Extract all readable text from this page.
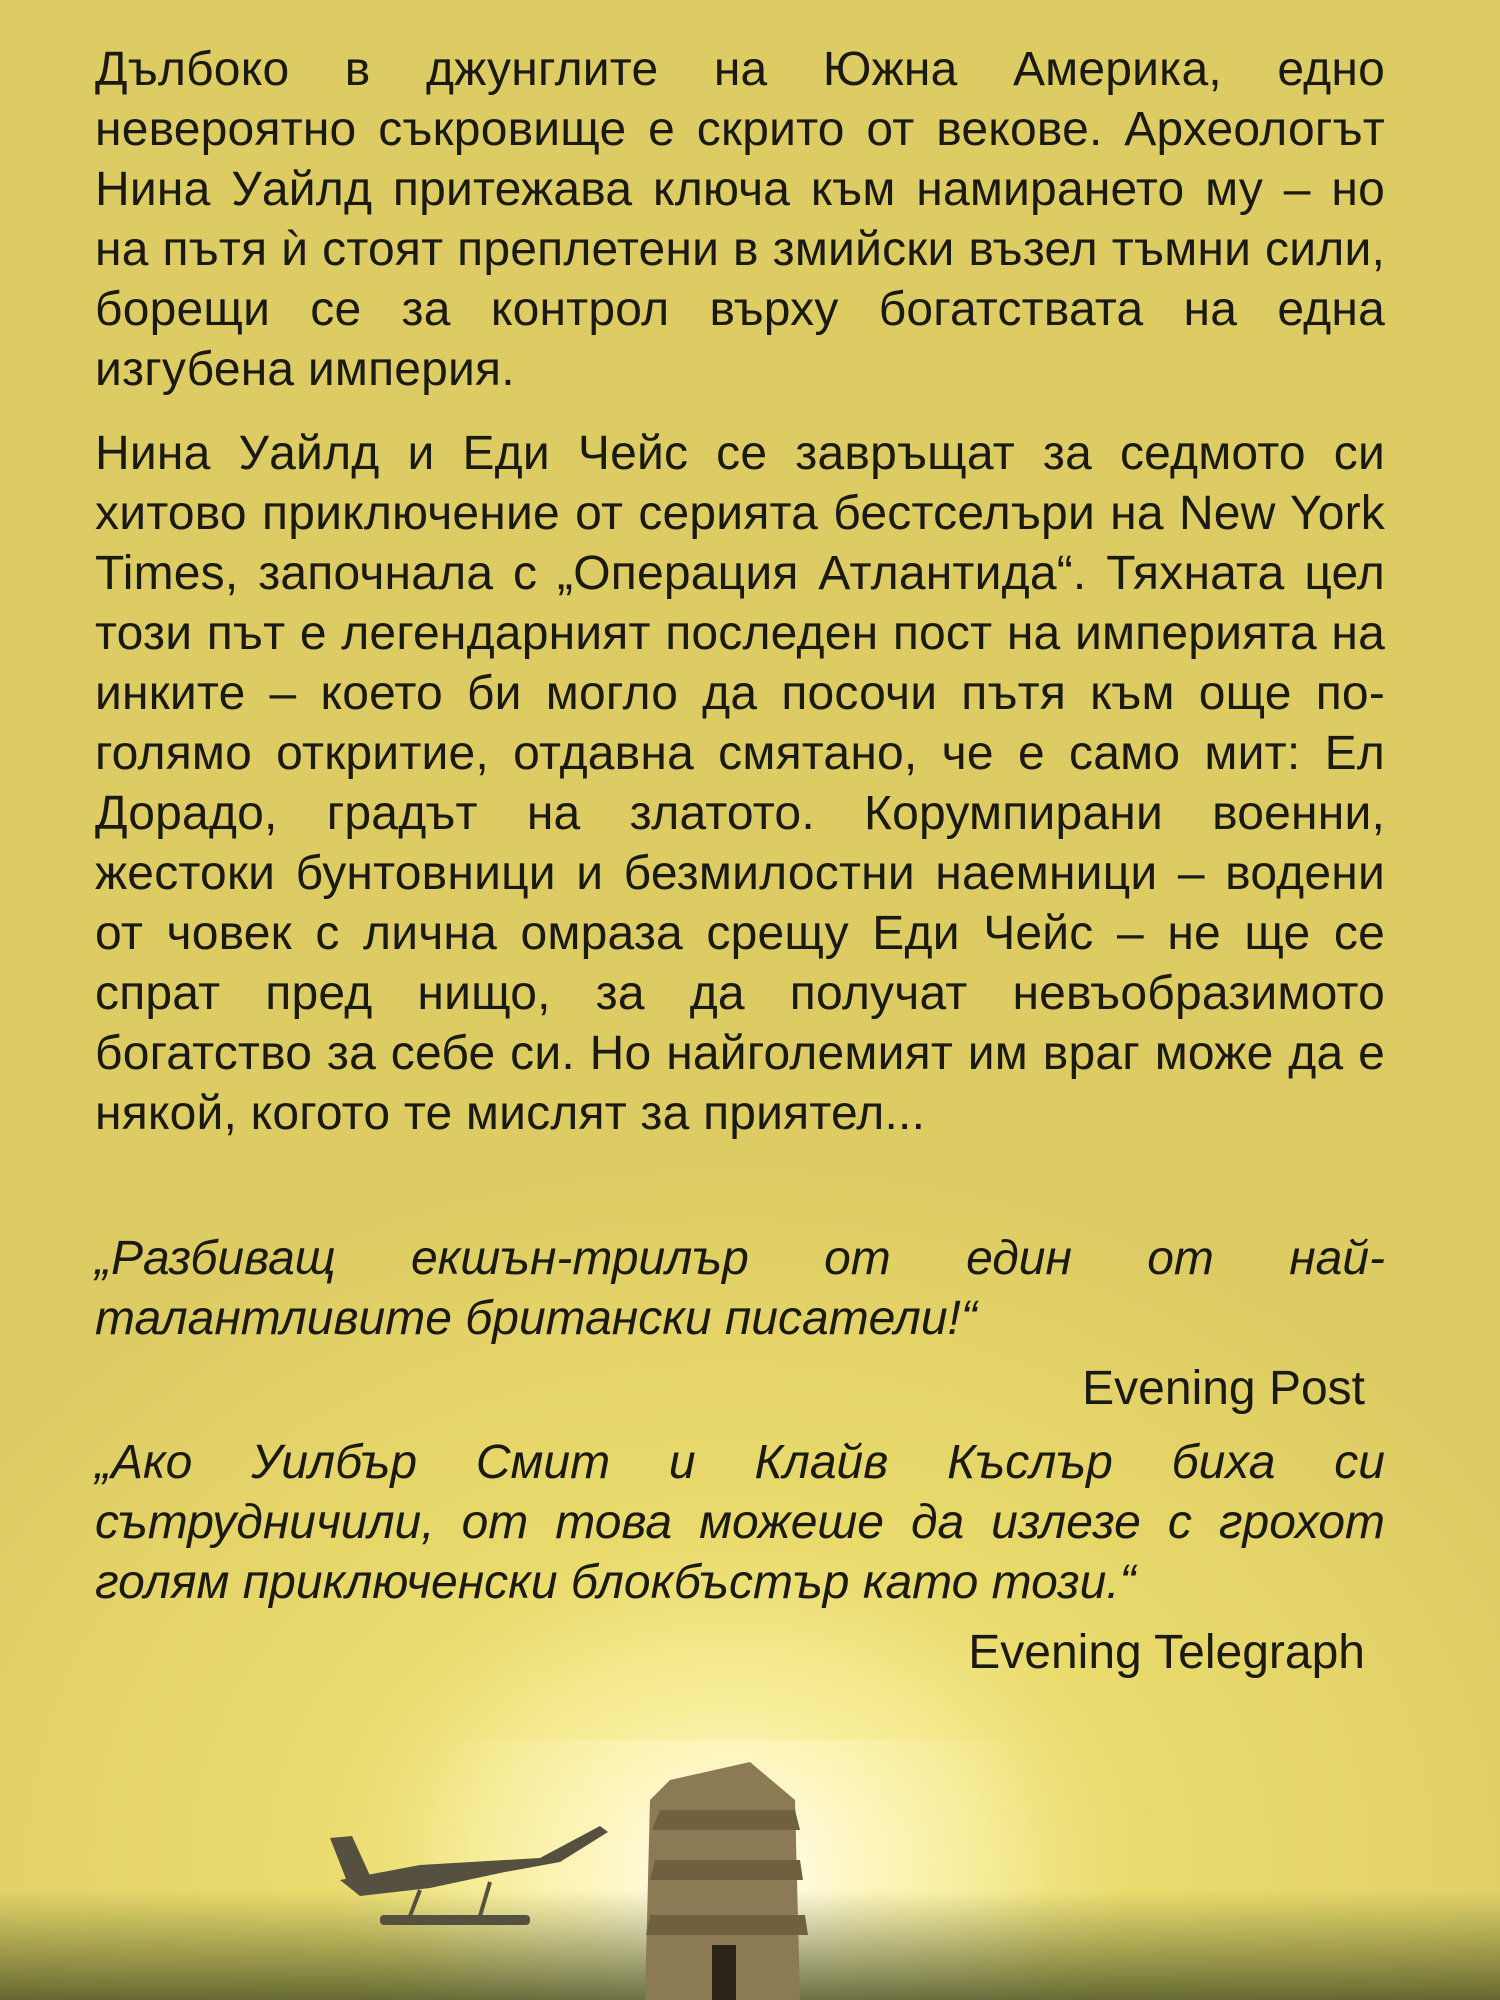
Дълбоко в джунглите на Южна Америка, едно невероятно съкровище е скрито от векове. Археологът Нина Уайлд притежава ключа към намирането му – но на пътя ѝ стоят преплетени в змийски възел тъмни сили, борещи се за контрол върху богатствата на една изгубена империя.

Нина Уайлд и Еди Чейс се завръщат за седмото си хитово приключение от серията бестселъри на New York Times, започнала с „Операция Атлантида“. Тяхната цел този път е легендарният последен пост на империята на инките – което би могло да посочи пътя към още по-голямо откритие, отдавна смятано, че е само мит: Ел Дорадо, градът на златото. Корумпирани военни, жестоки бунтовници и безмилостни наемници – водени от човек с лична омраза срещу Еди Чейс – не ще се спрат пред нищо, за да получат невъобразимото богатство за себе си. Но найголемият им враг може да е някой, когото те мислят за приятел...

„Разбиващ екшън-трилър от един от най-талантливите британски писатели!“

Evening Post

„Ако Уилбър Смит и Клайв Къслър биха си сътрудничили, от това можеше да излезе с грохот голям приключенски блокбъстър като този.“

Evening Telegraph
